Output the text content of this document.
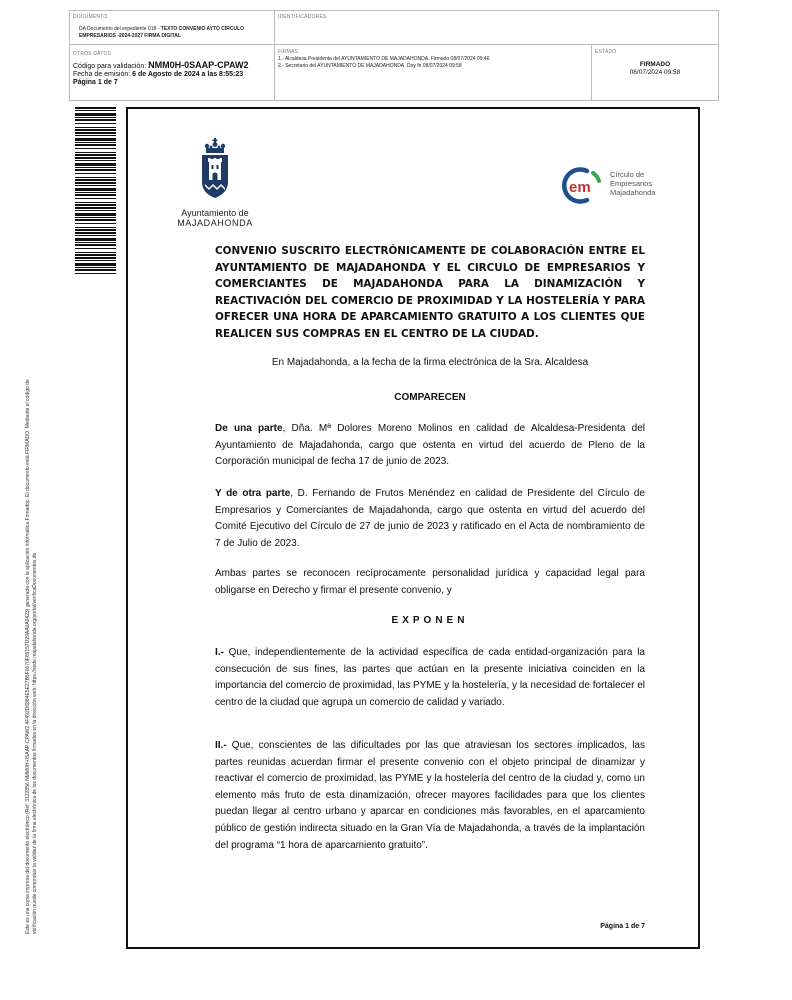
DOCUMENTO
DA Documento del expediente 018 - TEXTO CONVENIO AYTO CIRCULO
EMPRESARIOS -2024-2027 FIRMA DIGITAL
IDENTIFICADORES
OTROS DATOS
Código para validación: NMM0H-0SAAP-CPAW2
Fecha de emisión: 6 de Agosto de 2024 a las 8:55:23
Página 1 de 7
FIRMAS
1.- Alcaldesa Presidenta del AYUNTAMIENTO DE MAJADAHONDA. Firmado 08/07/2024 09:46
2.- Secretario del AYUNTAMIENTO DE MAJADAHONDA. Doy fe 08/07/2024 09:58
ESTADO
FIRMADO
08/07/2024 09:58
Este es una copia impresa del documento electrónico (Ref: 3122856 NMM0H-0SAAP-CPAW2 4F492D6884E5E27B5F0670F89157D29AA0A0423) generada con la aplicación informática Firmadoc. El documento está FIRMADO. Mediante el código de verificación puede comprobar la validez de la firma electrónica de los documentos firmados en la dirección web: https://sede.majadahonda.org/portal/verificaDocumentos.do
Ayuntamiento de
MAJADAHONDA
em
Círculo de
Empresarios
Majadahonda
CONVENIO SUSCRITO ELECTRÓNICAMENTE DE COLABORACIÓN ENTRE EL AYUNTAMIENTO DE MAJADAHONDA Y EL CIRCULO DE EMPRESARIOS Y COMERCIANTES DE MAJADAHONDA PARA LA DINAMIZACIÓN Y REACTIVACIÓN DEL COMERCIO DE PROXIMIDAD Y LA HOSTELERÍA Y PARA OFRECER UNA HORA DE APARCAMIENTO GRATUITO A LOS CLIENTES QUE REALICEN SUS COMPRAS EN EL CENTRO DE LA CIUDAD.
En Majadahonda, a la fecha de la firma electrónica de la Sra. Alcaldesa
COMPARECEN
De una parte, Dña. Mª Dolores Moreno Molinos en calidad de Alcaldesa-Presidenta del Ayuntamiento de Majadahonda, cargo que ostenta en virtud del acuerdo de Pleno de la Corporación municipal de fecha 17 de junio de 2023.
Y de otra parte, D. Fernando de Frutos Menéndez en calidad de Presidente del Círculo de Empresarios y Comerciantes de Majadahonda, cargo que ostenta en virtud del acuerdo del Comité Ejecutivo del Círculo de 27 de junio de 2023 y ratificado en el Acta de nombramiento de 7 de Julio de 2023.
Ambas partes se reconocen recíprocamente personalidad jurídica y capacidad legal para obligarse en Derecho y firmar el presente convenio, y
EXPONEN
I.- Que, independientemente de la actividad específica de cada entidad-organización para la consecución de sus fines, las partes que actúan en la presente iniciativa coinciden en la importancia del comercio de proximidad, las PYME y la hostelería, y la necesidad de fortalecer el centro de la ciudad que agrupa un comercio de calidad y variado.
II.- Que, conscientes de las dificultades por las que atraviesan los sectores implicados, las partes reunidas acuerdan firmar el presente convenio con el objeto principal de dinamizar y reactivar el comercio de proximidad, las PYME y la hostelería del centro de la ciudad y, como un elemento más fruto de esta dinamización, ofrecer mayores facilidades para que los clientes puedan llegar al centro urbano y aparcar en condiciones más favorables, en el aparcamiento público de gestión indirecta situado en la Gran Vía de Majadahonda, a través de la implantación del programa “1 hora de aparcamiento gratuito”.
Página 1 de 7
